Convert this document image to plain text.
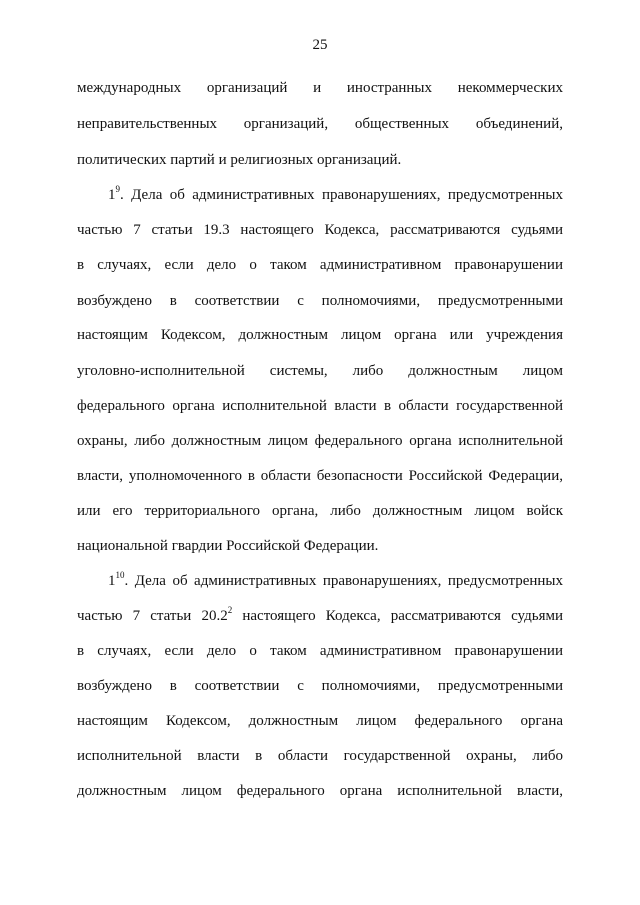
25
международных организаций и иностранных некоммерческих
неправительственных организаций, общественных объединений,
политических партий и религиозных организаций.
$1^9$. Дела об административных правонарушениях, предусмотренных
частью 7 статьи 19.3 настоящего Кодекса, рассматриваются судьями
в случаях, если дело о таком административном правонарушении
возбуждено в соответствии с полномочиями, предусмотренными
настоящим Кодексом, должностным лицом органа или учреждения
уголовно-исполнительной системы, либо должностным лицом
федерального органа исполнительной власти в области государственной
охраны, либо должностным лицом федерального органа исполнительной
власти, уполномоченного в области безопасности Российской Федерации,
или его территориального органа, либо должностным лицом войск
национальной гвардии Российской Федерации.
$1^{10}$. Дела об административных правонарушениях, предусмотренных
частью 7 статьи 20.2$^2$ настоящего Кодекса, рассматриваются судьями
в случаях, если дело о таком административном правонарушении
возбуждено в соответствии с полномочиями, предусмотренными
настоящим Кодексом, должностным лицом федерального органа
исполнительной власти в области государственной охраны, либо
должностным лицом федерального органа исполнительной власти,
